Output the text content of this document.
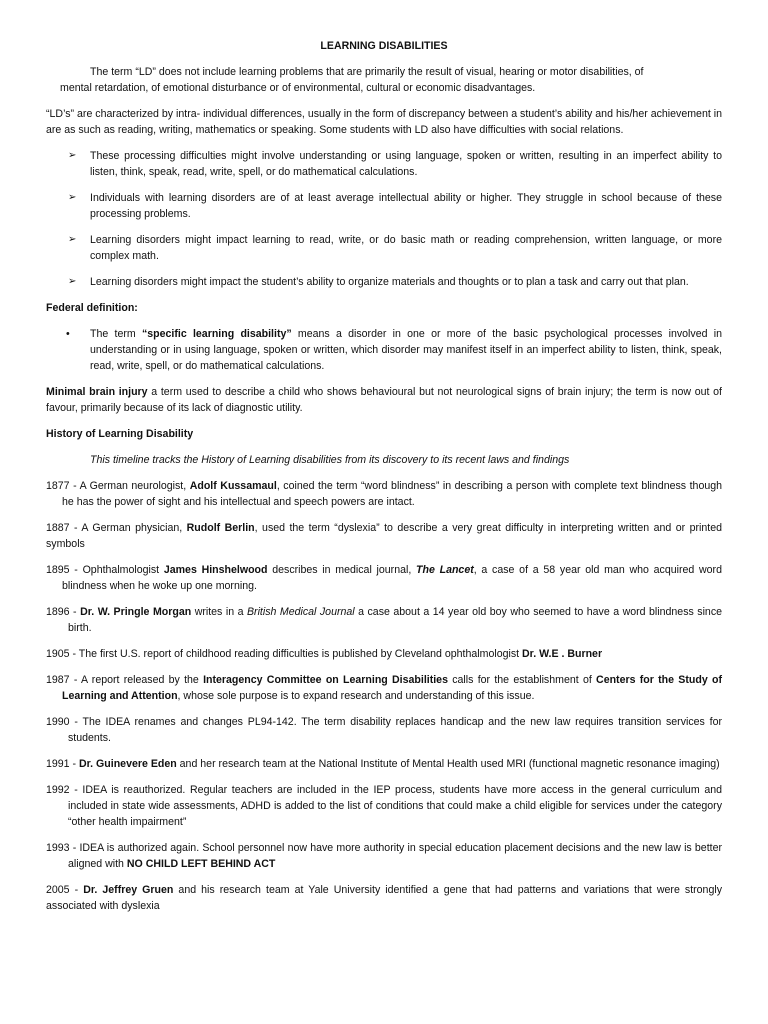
LEARNING DISABILITIES

The term “LD” does not include learning problems that are primarily the result of visual, hearing or motor disabilities, of
mental retardation, of emotional disturbance or of environmental, cultural or economic disadvantages.

“LD’s” are characterized by intra- individual differences, usually in the form of discrepancy between a student’s ability and his/her achievement in are as such as reading, writing, mathematics or speaking. Some students with LD also have difficulties with social relations.

➢ These processing difficulties might involve understanding or using language, spoken or written, resulting in an imperfect ability to listen, think, speak, read, write, spell, or do mathematical calculations.
➢ Individuals with learning disorders are of at least average intellectual ability or higher. They struggle in school because of these processing problems.
➢ Learning disorders might impact learning to read, write, or do basic math or reading comprehension, written language, or more complex math.
➢ Learning disorders might impact the student’s ability to organize materials and thoughts or to plan a task and carry out that plan.
Federal definition:
• The term “specific learning disability” means a disorder in one or more of the basic psychological processes involved in understanding or in using language, spoken or written, which disorder may manifest itself in an imperfect ability to listen, think, speak, read, write, spell, or do mathematical calculations.

Minimal brain injury a term used to describe a child who shows behavioural but not neurological signs of brain injury; the term is now out of favour, primarily because of its lack of diagnostic utility.

History of Learning Disability

This timeline tracks the History of Learning disabilities from its discovery to its recent laws and findings

1877 - A German neurologist, Adolf Kussamaul, coined the term “word blindness” in describing a person with complete text blindness though he has the power of sight and his intellectual and speech powers are intact.

1887 - A German physician, Rudolf Berlin, used the term “dyslexia” to describe a very great difficulty in interpreting written and or printed symbols

1895 - Ophthalmologist James Hinshelwood describes in medical journal, The Lancet, a case of a 58 year old man who acquired word blindness when he woke up one morning.

1896 - Dr. W. Pringle Morgan writes in a British Medical Journal a case about a 14 year old boy who seemed to have a word blindness since birth.

1905 - The first U.S. report of childhood reading difficulties is published by Cleveland ophthalmologist Dr. W.E . Burner

1987 - A report released by the Interagency Committee on Learning Disabilities calls for the establishment of Centers for the Study of Learning and Attention, whose sole purpose is to expand research and understanding of this issue.

1990 - The IDEA renames and changes PL94-142. The term disability replaces handicap and the new law requires transition services for students.

1991 - Dr. Guinevere Eden and her research team at the National Institute of Mental Health used MRI (functional magnetic resonance imaging)

1992 - IDEA is reauthorized. Regular teachers are included in the IEP process, students have more access in the general curriculum and included in state wide assessments, ADHD is added to the list of conditions that could make a child eligible for services under the category “other health impairment”

1993 - IDEA is authorized again. School personnel now have more authority in special education placement decisions and the new law is better aligned with NO CHILD LEFT BEHIND ACT

2005 - Dr. Jeffrey Gruen and his research team at Yale University identified a gene that had patterns and variations that were strongly associated with dyslexia
